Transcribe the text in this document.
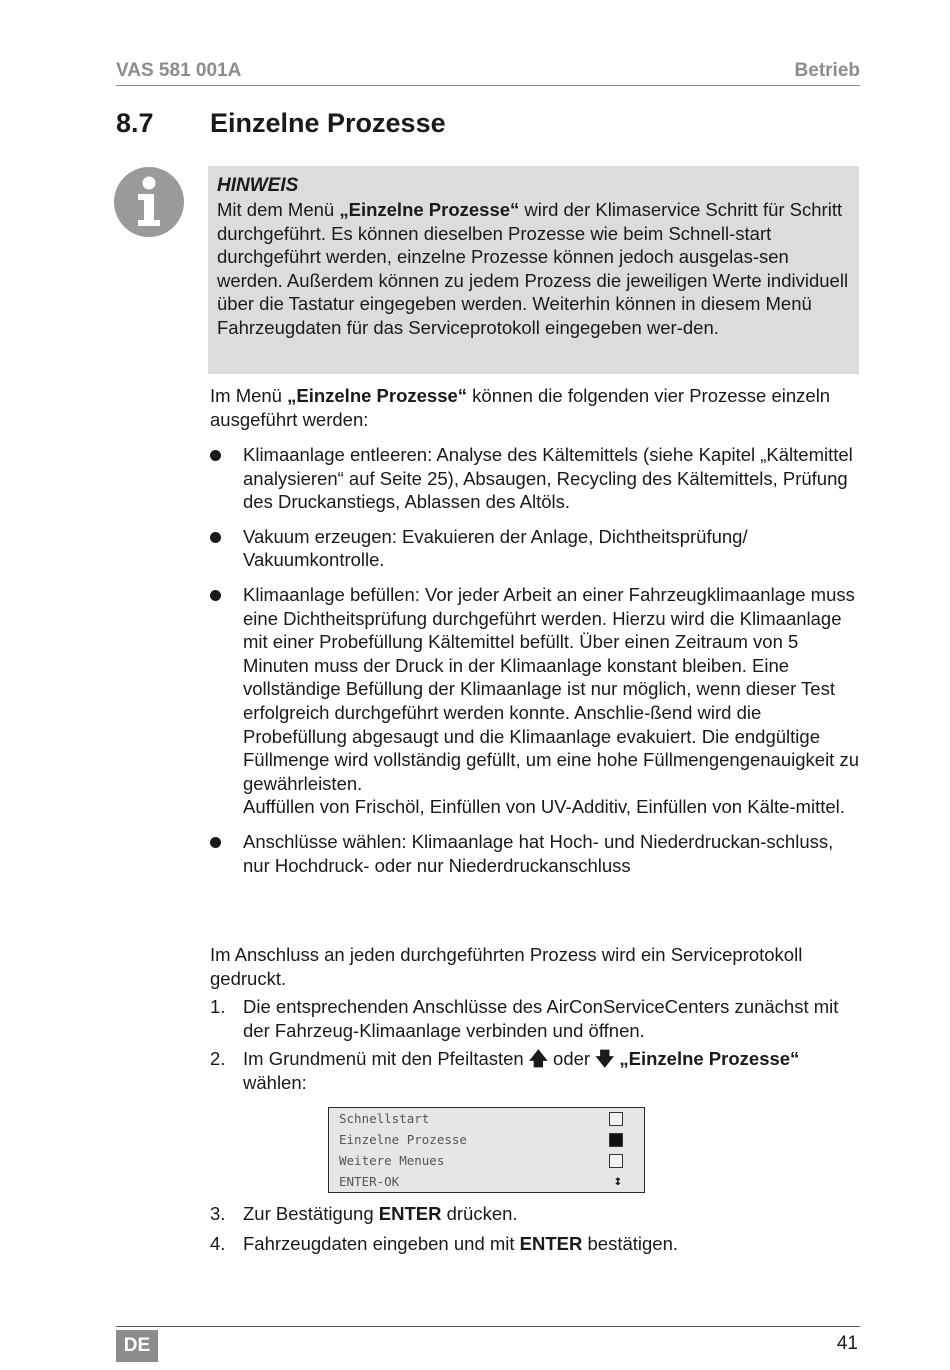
VAS 581 001A	Betrieb
8.7 Einzelne Prozesse
HINWEIS
Mit dem Menü „Einzelne Prozesse“ wird der Klimaservice Schritt für Schritt durchgeführt. Es können dieselben Prozesse wie beim Schnell-start durchgeführt werden, einzelne Prozesse können jedoch ausgelas-sen werden. Außerdem können zu jedem Prozess die jeweiligen Werte individuell über die Tastatur eingegeben werden. Weiterhin können in diesem Menü Fahrzeugdaten für das Serviceprotokoll eingegeben wer-den.
Im Menü „Einzelne Prozesse“ können die folgenden vier Prozesse einzeln ausgeführt werden:
Klimaanlage entleeren: Analyse des Kältemittels (siehe Kapitel „Kältemittel analysieren“ auf Seite 25), Absaugen, Recycling des Kältemittels, Prüfung des Druckanstiegs, Ablassen des Altöls.
Vakuum erzeugen: Evakuieren der Anlage, Dichtheitsprüfung/ Vakuumkontrolle.
Klimaanlage befüllen: Vor jeder Arbeit an einer Fahrzeugklimaanlage muss eine Dichtheitsprüfung durchgeführt werden. Hierzu wird die Klimaanlage mit einer Probefüllung Kältemittel befüllt. Über einen Zeitraum von 5 Minuten muss der Druck in der Klimaanlage konstant bleiben. Eine vollständige Befüllung der Klimaanlage ist nur möglich, wenn dieser Test erfolgreich durchgeführt werden konnte. Anschlie-ßend wird die Probefüllung abgesaugt und die Klimaanlage evakuiert. Die endgültige Füllmenge wird vollständig gefüllt, um eine hohe Füllmengengenauigkeit zu gewährleisten.
Auffüllen von Frischöl, Einfüllen von UV-Additiv, Einfüllen von Kälte-mittel.
Anschlüsse wählen: Klimaanlage hat Hoch- und Niederdruckan-schluss, nur Hochdruck- oder nur Niederdruckanschluss
Im Anschluss an jeden durchgeführten Prozess wird ein Serviceprotokoll gedruckt.
1. Die entsprechenden Anschlüsse des AirConServiceCenters zunächst mit der Fahrzeug-Klimaanlage verbinden und öffnen.
2. Im Grundmenü mit den Pfeiltasten 🡅 oder 🡇 „Einzelne Prozesse“
wählen:
Schnellstart
Einzelne Prozesse
Weitere Menues
ENTER-OK	↕
3. Zur Bestätigung ENTER drücken.
4. Fahrzeugdaten eingeben und mit ENTER bestätigen.
DE	41
